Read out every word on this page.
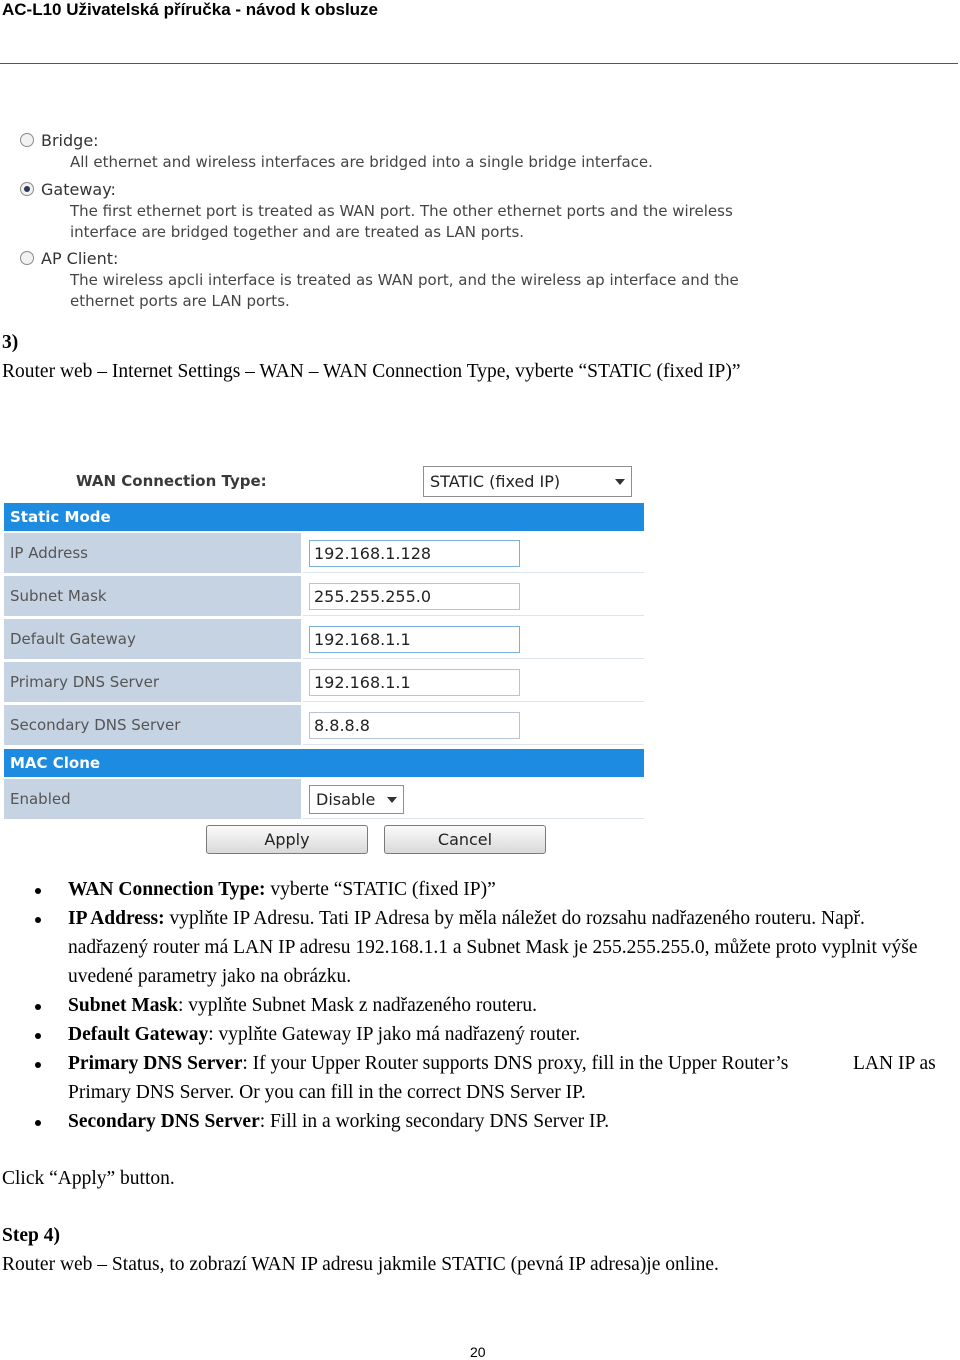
AC-L10 Uživatelská příručka - návod k obsluze
Bridge:
All ethernet and wireless interfaces are bridged into a single bridge interface.
Gateway:
The first ethernet port is treated as WAN port. The other ethernet ports and the wireless
interface are bridged together and are treated as LAN ports.
AP Client:
The wireless apcli interface is treated as WAN port, and the wireless ap interface and the
ethernet ports are LAN ports.
3)
Router web – Internet Settings – WAN – WAN Connection Type, vyberte “STATIC (fixed IP)”
WAN Connection Type:	STATIC (fixed IP)
Static Mode
IP Address	192.168.1.128
Subnet Mask	255.255.255.0
Default Gateway	192.168.1.1
Primary DNS Server	192.168.1.1
Secondary DNS Server	8.8.8.8
MAC Clone
Enabled	Disable
Apply	Cancel
WAN Connection Type: vyberte “STATIC (fixed IP)”
IP Address: vyplňte IP Adresu. Tati IP Adresa by měla náležet do rozsahu nadřazeného routeru. Např.
nadřazený router má LAN IP adresu 192.168.1.1 a Subnet Mask je 255.255.255.0, můžete proto vyplnit výše
uvedené parametry jako na obrázku.
Subnet Mask: vyplňte Subnet Mask z nadřazeného routeru.
Default Gateway: vyplňte Gateway IP jako má nadřazený router.
Primary DNS Server: If your Upper Router supports DNS proxy, fill in the Upper Router’s	LAN IP as
Primary DNS Server. Or you can fill in the correct DNS Server IP.
Secondary DNS Server: Fill in a working secondary DNS Server IP.
Click “Apply” button.
Step 4)
Router web – Status, to zobrazí WAN IP adresu jakmile STATIC (pevná IP adresa)je online.
20
